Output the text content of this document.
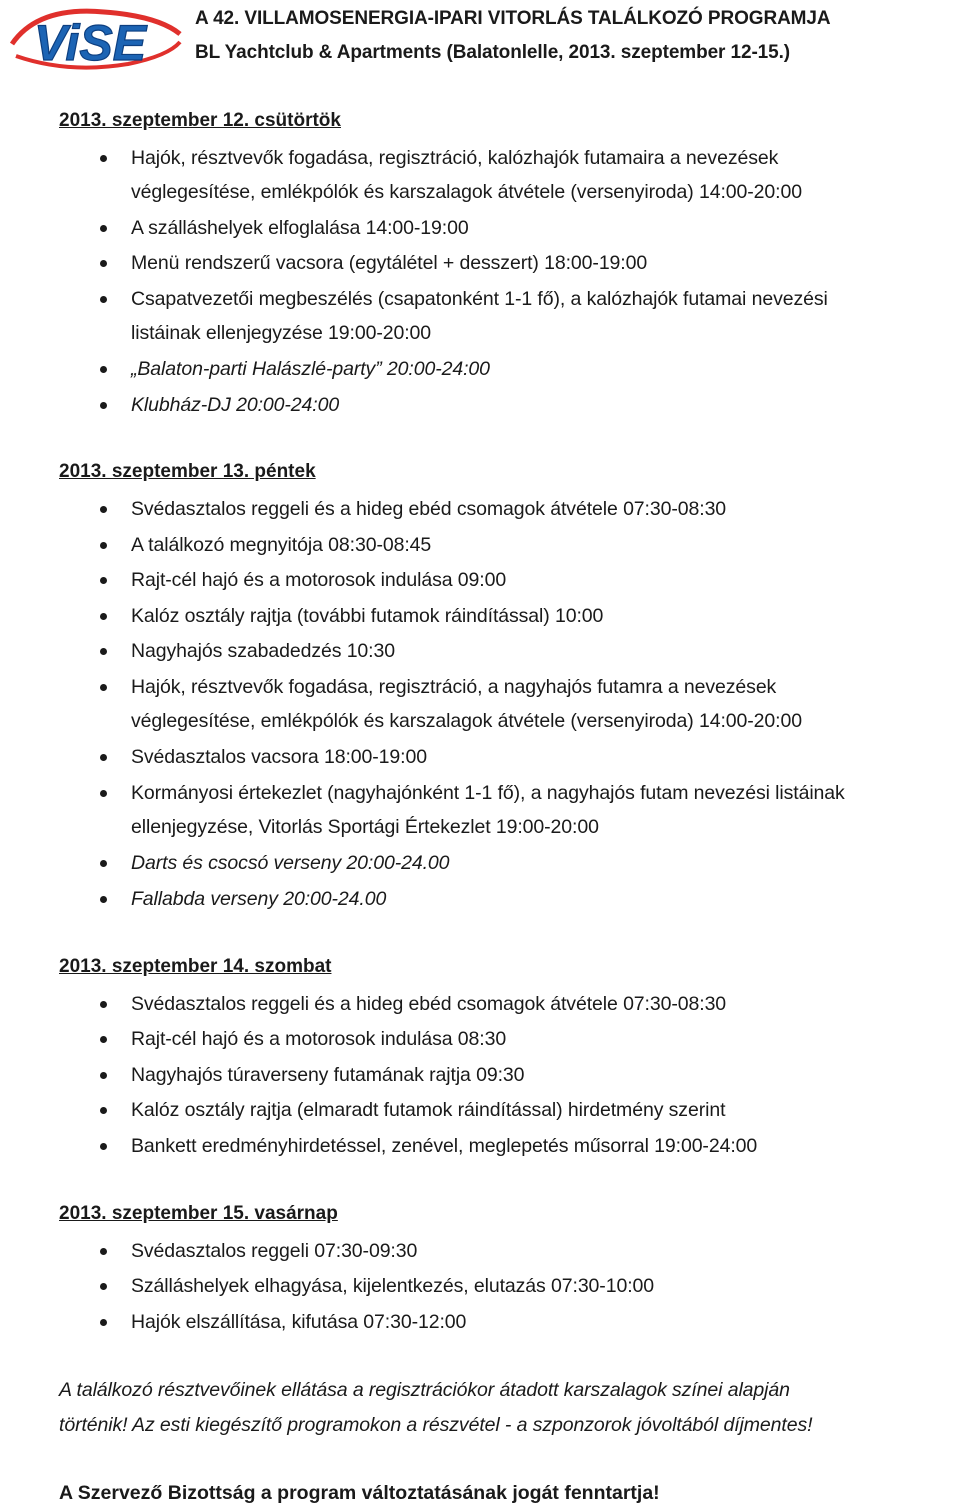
ViSE	A 42. VILLAMOSENERGIA-IPARI VITORLÁS TALÁLKOZÓ PROGRAMJA
BL Yachtclub & Apartments (Balatonlelle, 2013. szeptember 12-15.)
2013. szeptember 12. csütörtök
Hajók, résztvevők fogadása, regisztráció, kalózhajók futamaira a nevezések
véglegesítése, emlékpólók és karszalagok átvétele (versenyiroda) 14:00-20:00
A szálláshelyek elfoglalása 14:00-19:00
Menü rendszerű vacsora (egytálétel + desszert) 18:00-19:00
Csapatvezetői megbeszélés (csapatonként 1-1 fő), a kalózhajók futamai nevezési
listáinak ellenjegyzése 19:00-20:00
„Balaton-parti Halászlé-party” 20:00-24:00
Klubház-DJ 20:00-24:00
2013. szeptember 13. péntek
Svédasztalos reggeli és a hideg ebéd csomagok átvétele 07:30-08:30
A találkozó megnyitója 08:30-08:45
Rajt-cél hajó és a motorosok indulása 09:00
Kalóz osztály rajtja (további futamok ráindítással) 10:00
Nagyhajós szabadedzés 10:30
Hajók, résztvevők fogadása, regisztráció, a nagyhajós futamra a nevezések
véglegesítése, emlékpólók és karszalagok átvétele (versenyiroda) 14:00-20:00
Svédasztalos vacsora 18:00-19:00
Kormányosi értekezlet (nagyhajónként 1-1 fő), a nagyhajós futam nevezési listáinak
ellenjegyzése, Vitorlás Sportági Értekezlet 19:00-20:00
Darts és csocsó verseny 20:00-24.00
Fallabda verseny 20:00-24.00
2013. szeptember 14. szombat
Svédasztalos reggeli és a hideg ebéd csomagok átvétele 07:30-08:30
Rajt-cél hajó és a motorosok indulása 08:30
Nagyhajós túraverseny futamának rajtja 09:30
Kalóz osztály rajtja (elmaradt futamok ráindítással) hirdetmény szerint
Bankett eredményhirdetéssel, zenével, meglepetés műsorral 19:00-24:00
2013. szeptember 15. vasárnap
Svédasztalos reggeli 07:30-09:30
Szálláshelyek elhagyása, kijelentkezés, elutazás 07:30-10:00
Hajók elszállítása, kifutása 07:30-12:00
A találkozó résztvevőinek ellátása a regisztrációkor átadott karszalagok színei alapján
történik! Az esti kiegészítő programokon a részvétel - a szponzorok jóvoltából díjmentes!
A Szervező Bizottság a program változtatásának jogát fenntartja!
